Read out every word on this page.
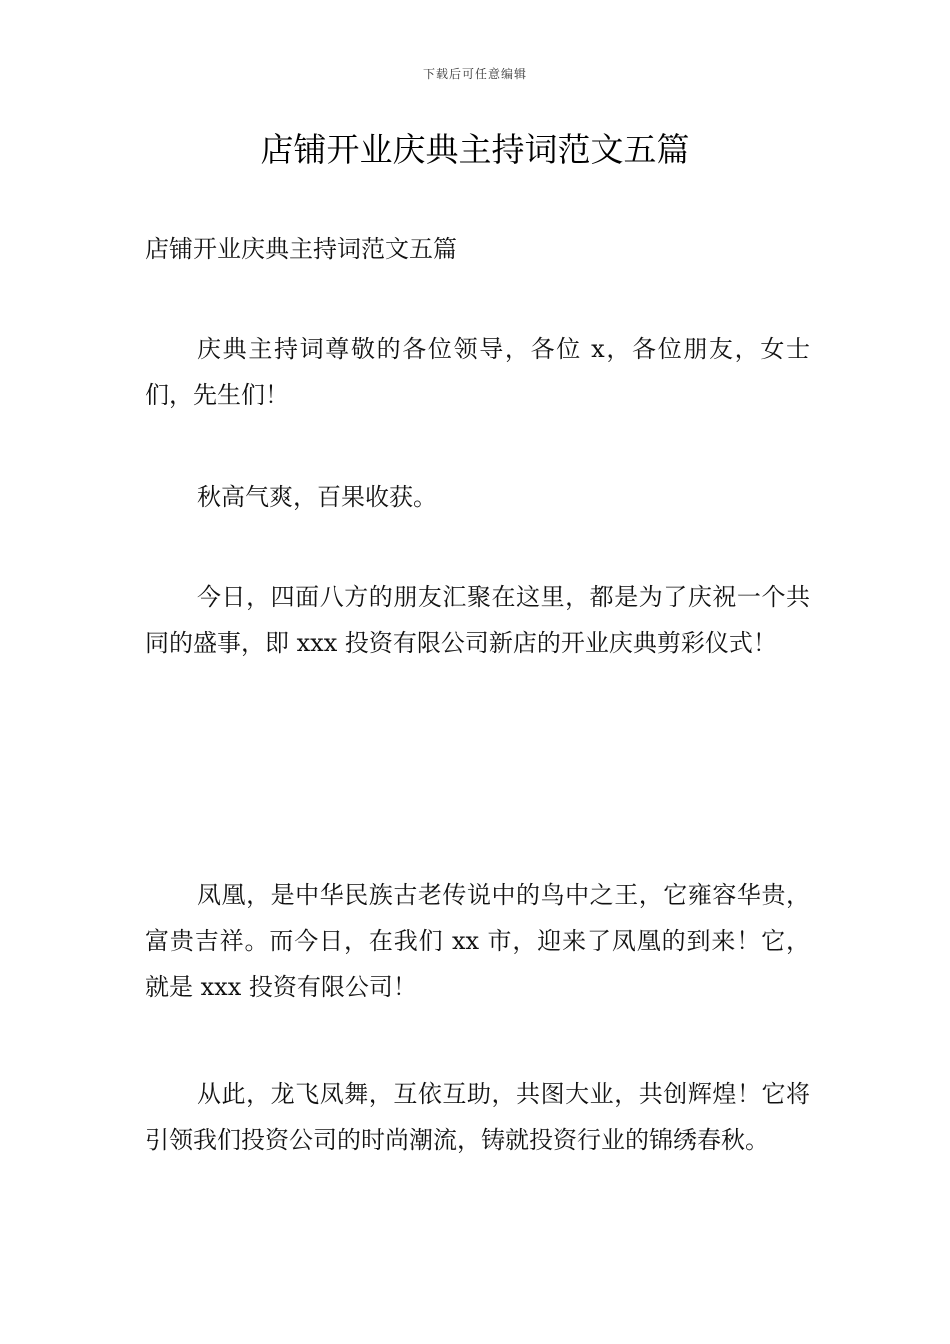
下载后可任意编辑
店铺开业庆典主持词范文五篇

店铺开业庆典主持词范文五篇

庆典主持词尊敬的各位领导，各位 x，各位朋友，女士们，先生们！

秋高气爽，百果收获。

今日，四面八方的朋友汇聚在这里，都是为了庆祝一个共同的盛事，即 xxx 投资有限公司新店的开业庆典剪彩仪式！

凤凰，是中华民族古老传说中的鸟中之王，它雍容华贵，富贵吉祥。而今日，在我们 xx 市，迎来了凤凰的到来！它，就是 xxx 投资有限公司！

从此，龙飞凤舞，互依互助，共图大业，共创辉煌！它将引领我们投资公司的时尚潮流，铸就投资行业的锦绣春秋。
